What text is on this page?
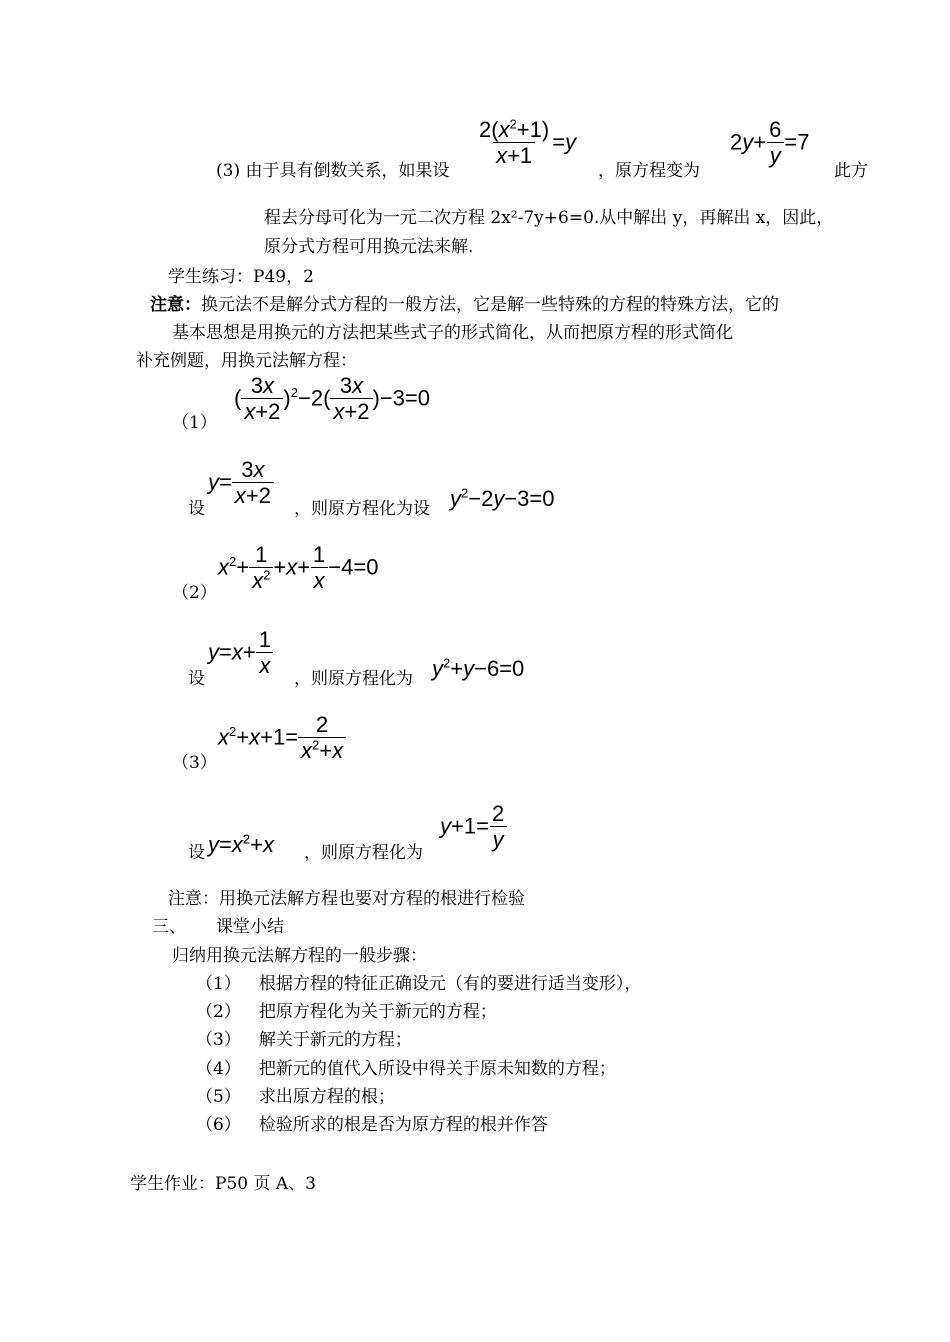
(3) 由于具有倒数关系，如果设
$\frac{2(x^2+1)}{x+1} =y$
，原方程变为
$2y+ \frac{6}{y} =7$
此方
程去分母可化为一元二次方程 2x²-7y+6=0.从中解出 y，再解出 x，因此，
原分式方程可用换元法来解.
学生练习：P49，2
注意：换元法不是解分式方程的一般方法，它是解一些特殊的方程的特殊方法，它的
基本思想是用换元的方法把某些式子的形式简化，从而把原方程的形式简化
补充例题，用换元法解方程：
（1）
( $\frac{3x}{x+2} )^2-2( \frac{3x}{x+2} )-3=0$
设
$y= \frac{3x}{x+2}$ ，则原方程化为设 $y^2-2y-3=0$
（2）
$x^2+ \frac{1}{x^2} +x+ \frac{1}{x} -4=0$
设
$y=x+ \frac{1}{x}$ ，则原方程化为 $y^2+y-6=0$
（3）
$x^2+x+1= \frac{2}{x^2+x}$
设 $y=x^2+x$ ，则原方程化为
$y+1= \frac{2}{y}$
注意：用换元法解方程也要对方程的根进行检验
三、 课堂小结
归纳用换元法解方程的一般步骤：
（1） 根据方程的特征正确设元（有的要进行适当变形），
（2） 把原方程化为关于新元的方程；
（3） 解关于新元的方程；
（4） 把新元的值代入所设中得关于原未知数的方程；
（5） 求出原方程的根；
（6） 检验所求的根是否为原方程的根并作答
学生作业：P50 页 A、3
